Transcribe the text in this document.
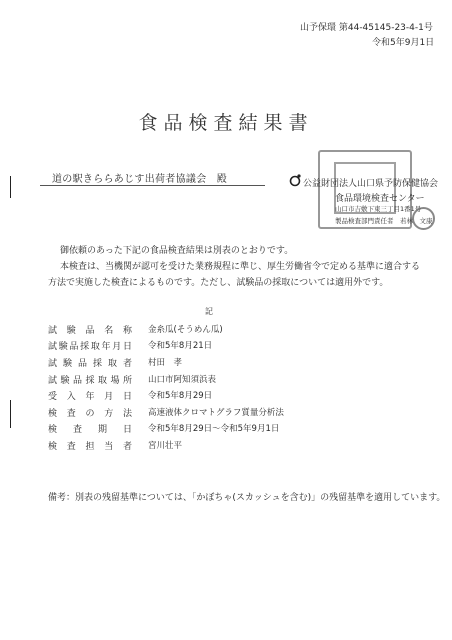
山予保環 第44-45145-23-4-1号
令和5年9月1日
食品検査結果書
道の駅きららあじす出荷者協議会　殿	公益財団法人山口県予防保健協会
食品環境検査センター
山口市吉敷下東三丁目1番1号
製品検査部門責任者　若林　文康
御依頼のあった下記の食品検査結果は別表のとおりです。
本検査は、当機関が認可を受けた業務規程に準じ、厚生労働省令で定める基準に適合する
方法で実施した検査によるものです。ただし、試験品の採取については適用外です。
記
試験品名称 金糸瓜(そうめん瓜)
試験品採取年月日 令和5年8月21日
試験品採取者 村田　孝
試験品採取場所 山口市阿知須浜表
受入年月日 令和5年8月29日
検査の方法 高速液体クロマトグラフ質量分析法
検査期日 令和5年8月29日～令和5年9月1日
検査担当者 宮川壮平
備考：別表の残留基準については、「かぼちゃ(スカッシュを含む)」の残留基準を適用しています。
